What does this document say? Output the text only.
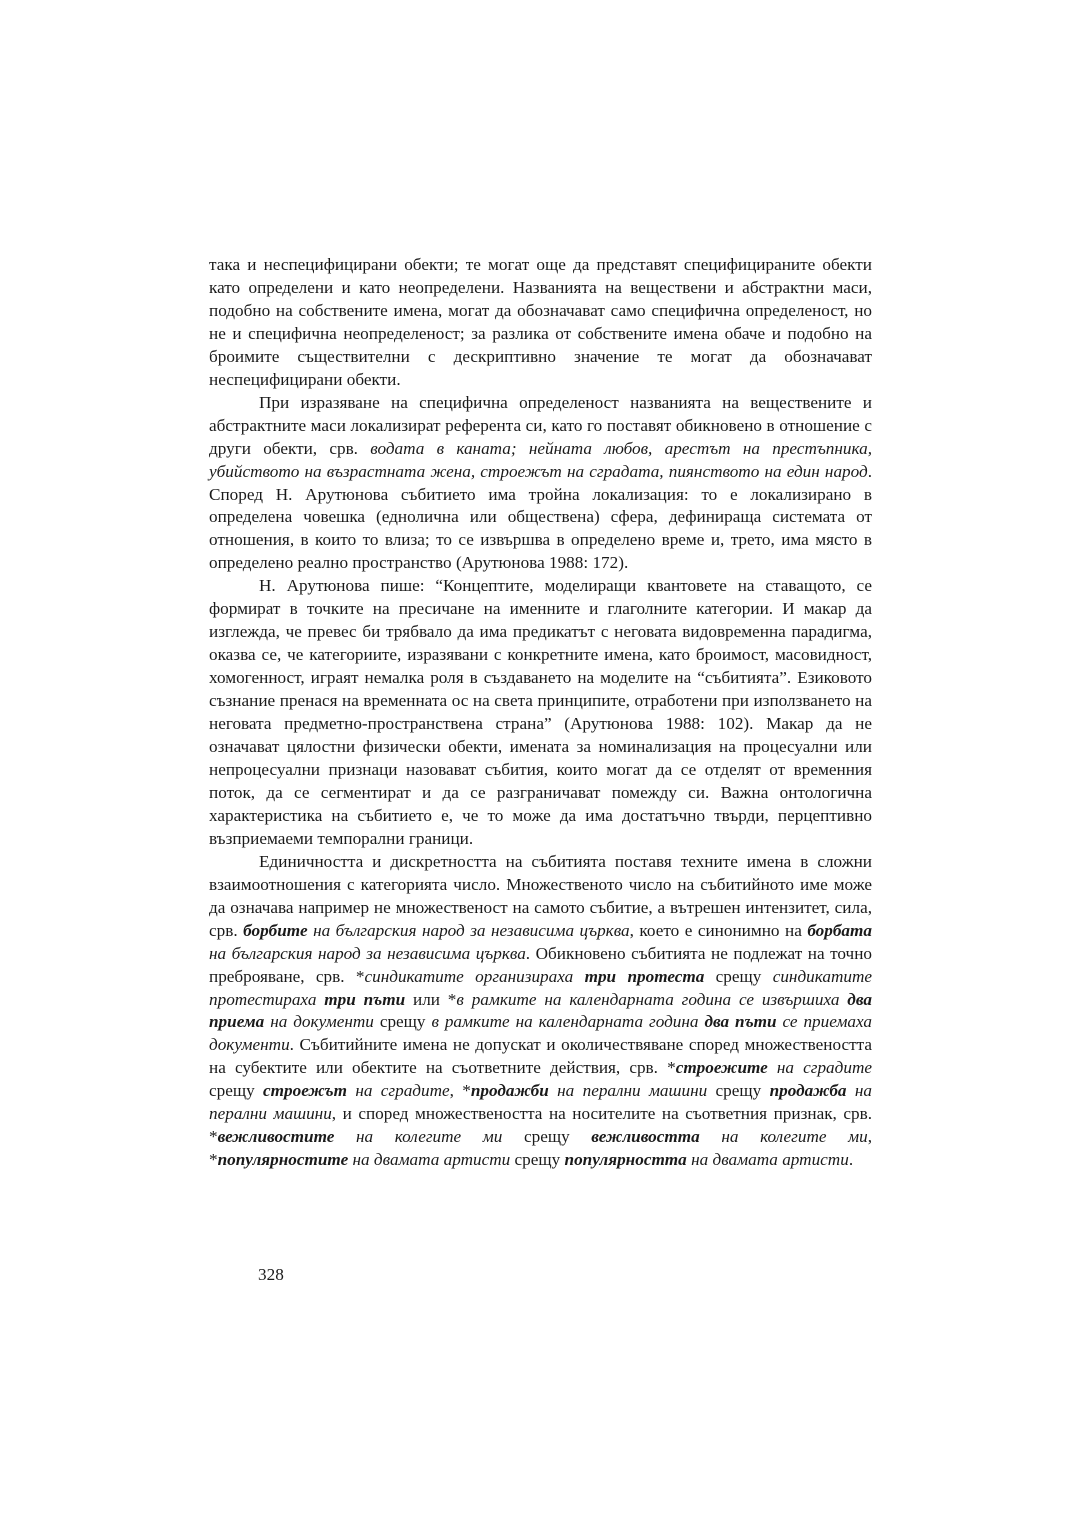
така и неспецифицирани обекти; те могат още да представят специфицираните обекти като определени и като неопределени. Названията на веществени и абстрактни маси, подобно на собствените имена, могат да обозначават само специфична определеност, но не и специфична неопределеност; за разлика от собствените имена обаче и подобно на броимите съществителни с дескриптивно значение те могат да обозначават неспецифицирани обекти.

При изразяване на специфична определеност названията на веществените и абстрактните маси локализират референта си, като го поставят обикновено в отношение с други обекти, срв. водата в каната; нейната любов, арестът на престъпника, убийството на възрастната жена, строежът на сградата, пиянството на един народ. Според Н. Арутюнова събитието има тройна локализация: то е локализирано в определена човешка (еднолична или обществена) сфера, дефиниращa системата от отношения, в които то влиза; то се извършва в определено време и, трето, има място в определено реално пространство (Арутюнова 1988: 172).

Н. Арутюнова пише: “Концептите, моделиращи квантовете на ставащото, се формират в точките на пресичане на именните и глаголните категории. И макар да изглежда, че превес би трябвало да има предикатът с неговата видовременна парадигма, оказва се, че категориите, изразявани с конкретните имена, като броимост, масовидност, хомогенност, играят немалка роля в създаването на моделите на “събитията”. Езиковото съзнание пренася на временната ос на света принципите, отработени при използването на неговата предметно-пространствена страна” (Арутюнова 1988: 102). Макар да не означават цялостни физически обекти, имената за номинализация на процесуални или непроцесуални признаци назовават събития, които могат да се отделят от временния поток, да се сегментират и да се разграничават помежду си. Важна онтологична характеристика на събитието е, че то може да има достатъчно твърди, перцептивно възприемаеми темпорални граници.

Единичността и дискретността на събитията поставя техните имена в сложни взаимоотношения с категорията число. Множественото число на събитийното име може да означава например не множественост на самото събитие, а вътрешен интензитет, сила, срв. борбите на българския народ за независима църква, което е синонимно на борбата на българския народ за независима църква. Обикновено събитията не подлежат на точно преброяване, срв. *синдикатите организираха три протеста срещу синдикатите протестираха три пъти или *в рамките на календарната година се извършиха два приема на документи срещу в рамките на календарната година два пъти се приемаха документи. Събитийните имена не допускат и околичествяване според множествеността на субектите или обектите на съответните действия, срв. *строежите на сградите срещу строежът на сградите, *продажби на перални машини срещу продажба на перални машини, и според множествеността на носителите на съответния признак, срв. *вежливостите на колегите ми срещу вежливостта на колегите ми, *популярностите на двамата артисти срещу популярността на двамата артисти.

328
